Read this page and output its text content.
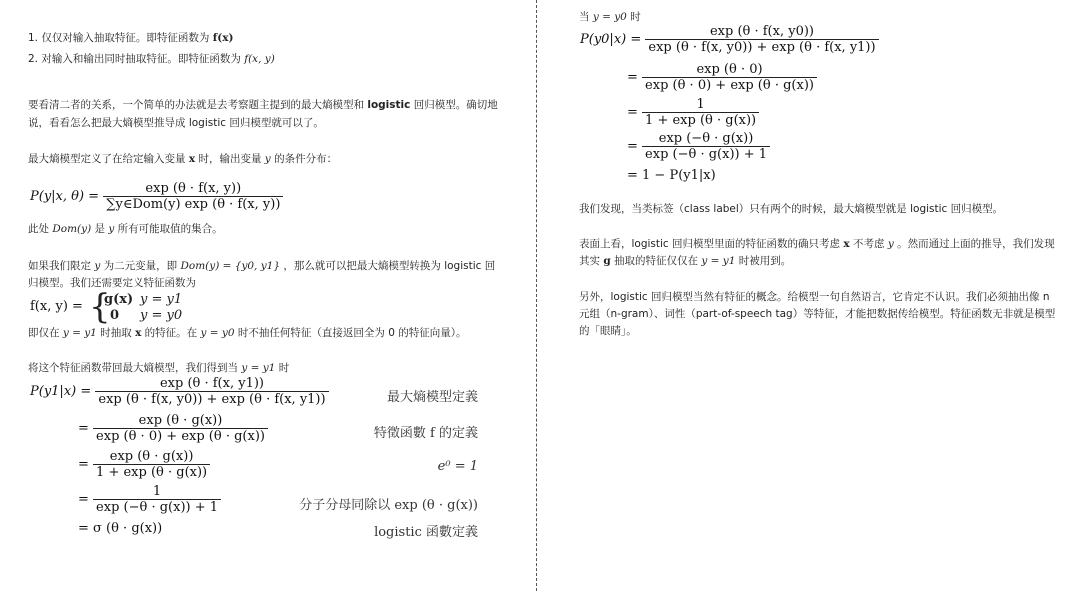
1. 仅仅对输入抽取特征。即特征函数为 f(x)
2. 对输入和输出同时抽取特征。即特征函数为 f(x, y)
要看清二者的关系，一个简单的办法就是去考察题主提到的最大熵模型和 logistic 回归模型。确切地
说，看看怎么把最大熵模型推导成 logistic 回归模型就可以了。
最大熵模型定义了在给定输入变量 x 时，输出变量 y 的条件分布：
P(y|x, $\theta) = \frac{\exp (\theta \cdot f(x, y))}{\text{∑y∈Dom(y) exp (θ · f(x, y))}}$
此处 Dom(y) 是 y 所有可能取值的集合。
如果我们限定 y 为二元变量，即 Dom(y) = {y0, y1} ，那么就可以把最大熵模型转换为 logistic 回
归模型。我们还需要定义特征函数为
f(x, y) = {
g(x) y = y1
0 y = y0
即仅在 y = y1 时抽取 x 的特征。在 y = y0 时不抽任何特征（直接返回全为 0 的特征向量）。
将这个特征函数带回最大熵模型，我们得到当 y = y1 时
$P(y1|x) = \frac{\exp (\theta \cdot f(x, y1))}{\exp (\theta \cdot f(x, y0)) + \exp (\theta \cdot f(x, y1))}$
= $\frac{\exp (\theta \cdot g(x))}{\exp (\theta \cdot 0) + \exp (\theta \cdot g(x))}$
= $\frac{\exp (\theta \cdot g(x))}{1 + \exp (\theta \cdot g(x))}$
= $\frac{1}{\exp (-\theta \cdot g(x)) + 1}$
= σ (θ · g(x))
最大熵模型定義
特徵函數 f 的定義
e⁰ = 1
分子分母同除以 exp (θ · g(x))
logistic 函數定義
当 y = y0 时
$P(y0|x) = \frac{\exp (\theta \cdot f(x, y0))}{\exp (\theta \cdot f(x, y0)) + \exp (\theta \cdot f(x, y1))}$
= $\frac{\exp (\theta \cdot 0)}{\exp (\theta \cdot 0) + \exp (\theta \cdot g(x))}$
= $\frac{1}{1 + \exp (\theta \cdot g(x))}$
= $\frac{\exp (-\theta \cdot g(x))}{\exp (-\theta \cdot g(x)) + 1}$
= 1 − P(y1|x)
我们发现，当类标签（class label）只有两个的时候，最大熵模型就是 logistic 回归模型。
表面上看，logistic 回归模型里面的特征函数的确只考虑 x 不考虑 y 。然而通过上面的推导，我们发现
其实 g 抽取的特征仅仅在 y = y1 时被用到。
另外，logistic 回归模型当然有特征的概念。给模型一句自然语言，它肯定不认识。我们必须抽出像 n
元组（n-gram）、词性（part-of-speech tag）等特征，才能把数据传给模型。特征函数无非就是模型
的「眼睛」。
